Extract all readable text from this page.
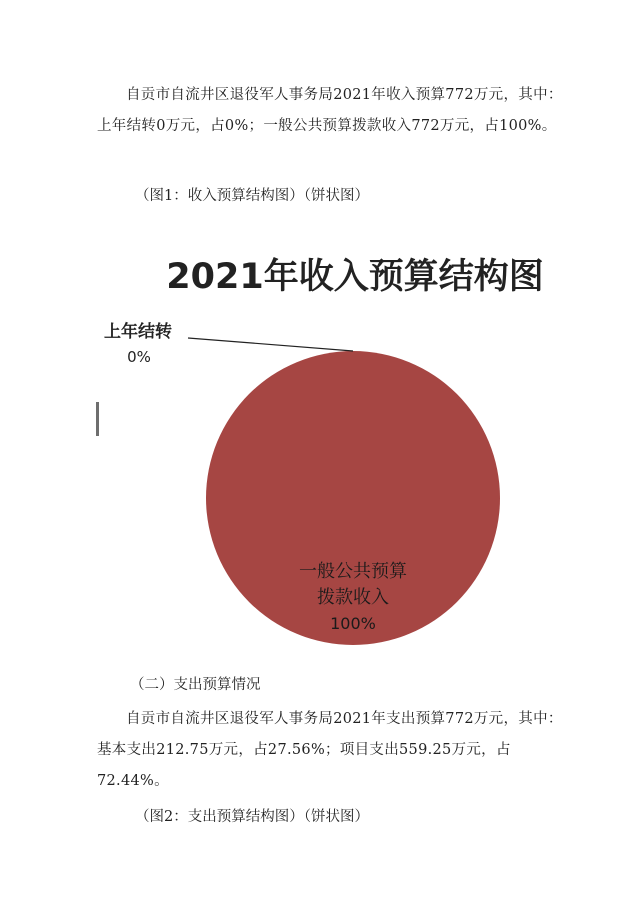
自贡市自流井区退役军人事务局2021年收入预算772万元，其中：上年结转0万元，占0%；一般公共预算拨款收入772万元，占100%。

（图1：收入预算结构图）（饼状图）

2021年收入预算结构图
上年结转
0%
一般公共预算
拨款收入
100%

（二）支出预算情况

自贡市自流井区退役军人事务局2021年支出预算772万元，其中：基本支出212.75万元，占27.56%；项目支出559.25万元，占72.44%。

（图2：支出预算结构图）（饼状图）
